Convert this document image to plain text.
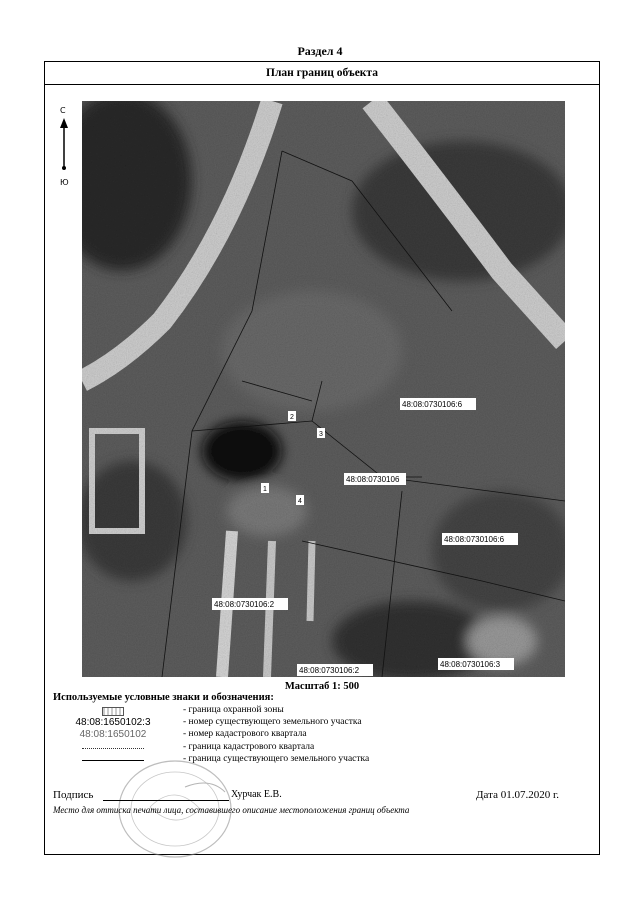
Раздел 4
План границ объекта
С
Ю
48:08:0730106:6
48:08:0730106
48:08:0730106:6
48:08:0730106:2
48:08:0730106:2
48:08:0730106:3
1
2
3
4
Масштаб 1: 500
Используемые условные знаки и обозначения:
- граница охранной зоны
48:08:1650102:3	- номер существующего земельного участка
48:08:1650102	- номер кадастрового квартала
- граница кадастрового квартала
- граница существующего земельного участка
Подпись	Хурчак Е.В.	Дата 01.07.2020 г.
Место для оттиска печати лица, составившего описание местоположения границ объекта
